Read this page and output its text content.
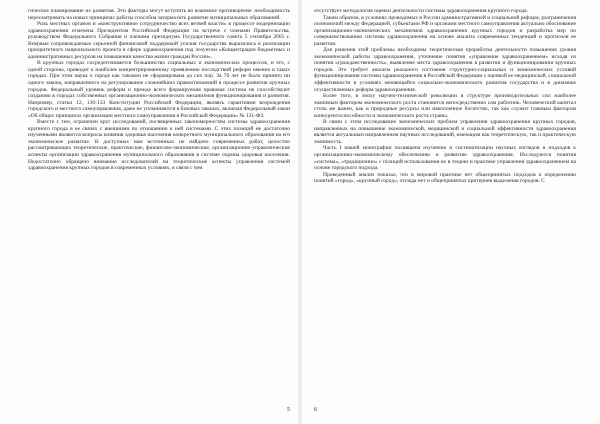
гическое планирование их развития. Эти факторы могут вступить во взаимное противоречие: необходимость пересматривать на новых принципах работы способна затормозить развитие муниципальных образований.

Роль местных органов и «конструктивное сотрудничество всех ветвей власти» в процессе модернизации здравоохранения отмечена Президентом Российской Федерации на встрече с членами Правительства, руководством Федерального Собрания и членами президиума Государственного совета 5 сентября 2005 г. Впервые сопровождаемые серьезной финансовой поддержкой усилия государства выразились в реализации приоритетного национального проекта в сфере здравоохранения под лозунгом «Концентрации бюджетных и административных ресурсов на повышении качества жизни граждан России».

В крупных городах сосредоточивается большинство социальных и экономических процессов, и это, с одной стороны, приводит к наиболее концентрированному проявлению последствий реформ именно в таких городах. При этом наука о городе как таковом не сформирована до сих пор. За 70 лет не было принято ни одного закона, направленного на регулирование сложнейших правоотношений в процессе развития крупных городов. Федеральный уровень реформ и прежде всего формируемая правовая система не способствуют созданию в городах собственных организационно-экономических механизмов функционирования и развития. Например, статьи 12, 130-133 Конституции Российской Федерации, являясь гарантиями возрождения городского и местного самоуправления, даже не упоминаются в базовых законах, включая Федеральный закон «Об общих принципах организации местного самоуправления в Российской Федерации» № 131-ФЗ.

Вместе с тем, ограничен круг исследований, посвященных закономерностям системы здравоохранения крупного города в ее связях с внешними по отношению к ней системами. С этих позиций не достаточно изученными являются вопросы влияния здоровья населения конкретного муниципального образования на его экономическое развитие. В доступных нам источниках не найдено современных работ, целостно рассматривающих теоретические, практические, финансово-экономические, организационно-управленческие аспекты организации здравоохранения муниципального образования в системе охраны здоровья населения. Недостаточно обращено внимание исследователей на теоретические аспекты управления системой здравоохранения крупных городов в современных условиях, в связи с чем

5

отсутствует методология оценки деятельности системы здравоохранения крупного города.

Таким образом, в условиях проводимых в России административной и социальной реформ, разграничения полномочий между Федерацией, субъектами РФ и органами местного самоуправления актуально обоснование организационно-экономических механизмов здравоохранения крупных городов и разработка мер по совершенствованию системы здравоохранения на основе анализа современных тенденций и прогнозов ее развития.

Для решения этой проблемы необходимы теоретическая проработка деятельности повышения уровня экономической работы здравоохранения, уточнение понятия «управление здравоохранением» исходя из понятия «гражданственность», выявление места здравоохранения в развитии и функционировании крупных городов. Это требует анализа реального состояния структурно-социальных и экономических условий функционирования системы здравоохранения в Российской Федерации с оценкой ее медицинской, социальной эффективности в условиях меняющейся социально-экономического развития государства и в динамике осуществляемых реформ здравоохранения.

Более того, в эпоху научно-технической революции в структуре производительных сил наиболее значимым фактором экономического роста становится непосредственно сам работник. Человеческий капитал столь же важен, как и природные ресурсы или накопленное богатство, так как служит главным фактором конкурентоспособности и экономического роста страны.

В связи с этим исследование экономических проблем управления здравоохранения крупных городов, направленных на повышение экономической, медицинской и социальной эффективности здравоохранения является актуальным направлением научных исследований, имеющим как теоретическую, так и практическую значимость.

Часть I нашей монографии посвящена изучению и систематизации научных взглядов и подходов к организационно-экономическому обеспечению и развитию здравоохранения. Исследуются понятия «система», «традиционно» с позиций использования их в теории и практике управления здравоохранением на основе городского подхода.

Проведенный анализ показал, что в мировой практике нет общепринятых подходов к определению понятий «город», «крупный город», отсюда нет и общепринятых критериев выделения городов. С

6
